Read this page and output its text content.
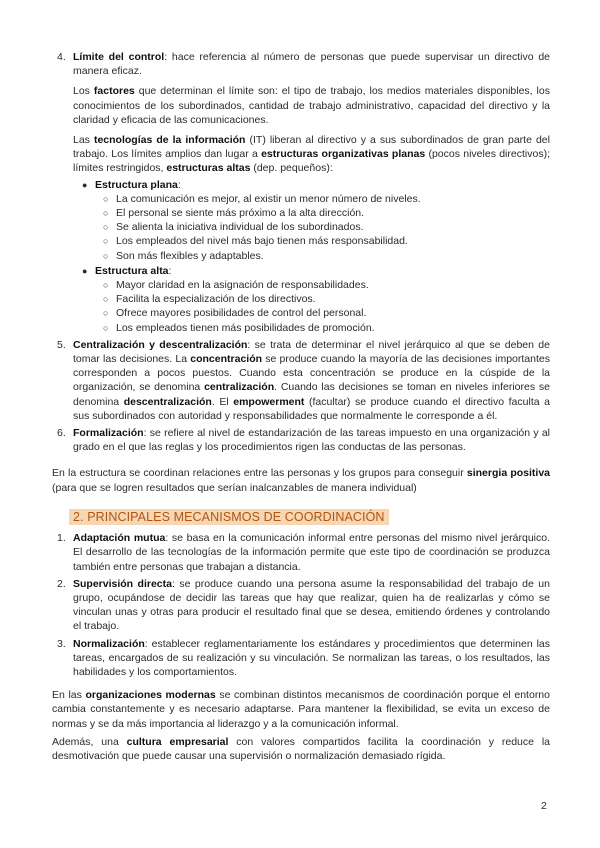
4. Límite del control: hace referencia al número de personas que puede supervisar un directivo de manera eficaz.
Los factores que determinan el límite son: el tipo de trabajo, los medios materiales disponibles, los conocimientos de los subordinados, cantidad de trabajo administrativo, capacidad del directivo y la claridad y eficacia de las comunicaciones.
Las tecnologías de la información (IT) liberan al directivo y a sus subordinados de gran parte del trabajo. Los límites amplios dan lugar a estructuras organizativas planas (pocos niveles directivos); límites restringidos, estructuras altas (dep. pequeños):
● Estructura plana:
○ La comunicación es mejor, al existir un menor número de niveles.
○ El personal se siente más próximo a la alta dirección.
○ Se alienta la iniciativa individual de los subordinados.
○ Los empleados del nivel más bajo tienen más responsabilidad.
○ Son más flexibles y adaptables.
● Estructura alta:
○ Mayor claridad en la asignación de responsabilidades.
○ Facilita la especialización de los directivos.
○ Ofrece mayores posibilidades de control del personal.
○ Los empleados tienen más posibilidades de promoción.
5. Centralización y descentralización: se trata de determinar el nivel jerárquico al que se deben de tomar las decisiones. La concentración se produce cuando la mayoría de las decisiones importantes corresponden a pocos puestos. Cuando esta concentración se produce en la cúspide de la organización, se denomina centralización. Cuando las decisiones se toman en niveles inferiores se denomina descentralización. El empowerment (facultar) se produce cuando el directivo faculta a sus subordinados con autoridad y responsabilidades que normalmente le corresponde a él.
6. Formalización: se refiere al nivel de estandarización de las tareas impuesto en una organización y al grado en el que las reglas y los procedimientos rigen las conductas de las personas.
En la estructura se coordinan relaciones entre las personas y los grupos para conseguir sinergia positiva (para que se logren resultados que serían inalcanzables de manera individual)
2. PRINCIPALES MECANISMOS DE COORDINACIÓN
1. Adaptación mutua: se basa en la comunicación informal entre personas del mismo nivel jerárquico. El desarrollo de las tecnologías de la información permite que este tipo de coordinación se produzca también entre personas que trabajan a distancia.
2. Supervisión directa: se produce cuando una persona asume la responsabilidad del trabajo de un grupo, ocupándose de decidir las tareas que hay que realizar, quien ha de realizarlas y cómo se vinculan unas y otras para producir el resultado final que se desea, emitiendo órdenes y controlando el trabajo.
3. Normalización: establecer reglamentariamente los estándares y procedimientos que determinen las tareas, encargados de su realización y su vinculación. Se normalizan las tareas, o los resultados, las habilidades y los comportamientos.
En las organizaciones modernas se combinan distintos mecanismos de coordinación porque el entorno cambia constantemente y es necesario adaptarse. Para mantener la flexibilidad, se evita un exceso de normas y se da más importancia al liderazgo y a la comunicación informal.
Además, una cultura empresarial con valores compartidos facilita la coordinación y reduce la desmotivación que puede causar una supervisión o normalización demasiado rígida.
2
